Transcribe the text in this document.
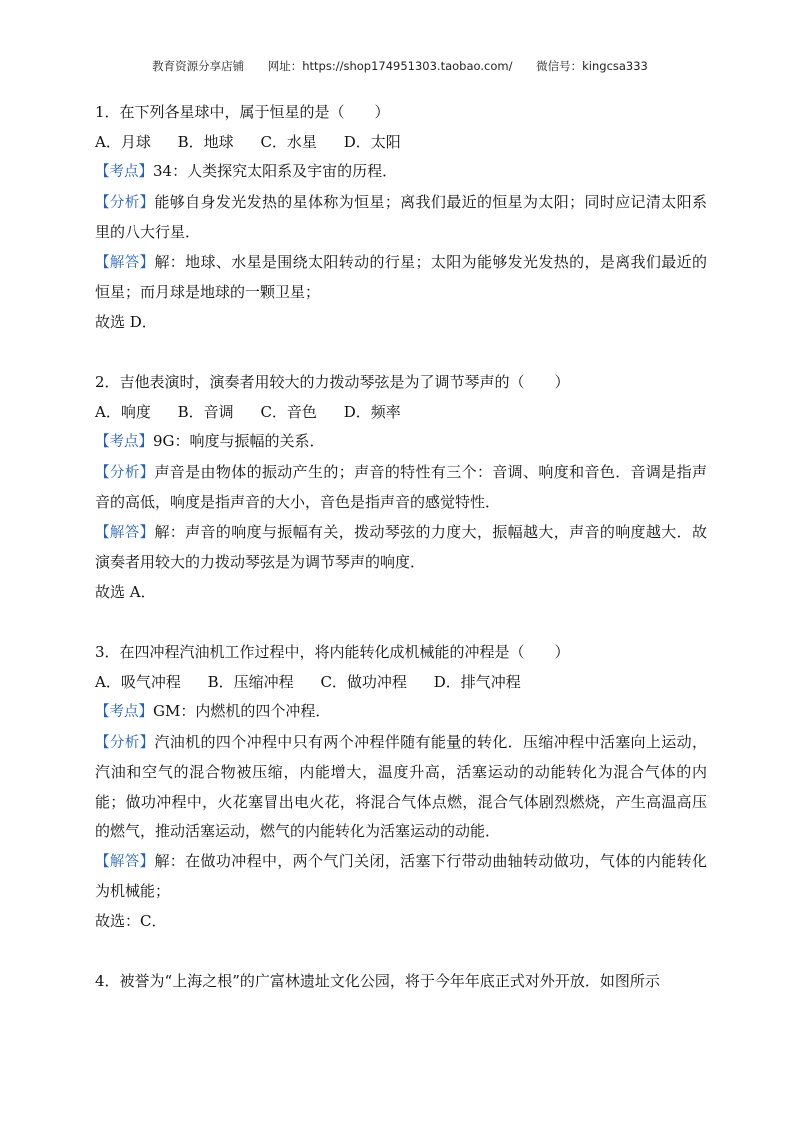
教育资源分享店铺 网址：https://shop174951303.taobao.com/ 微信号：kingcsa333
1．在下列各星球中，属于恒星的是（　　）
A．月球 B．地球 C．水星 D．太阳
【考点】34：人类探究太阳系及宇宙的历程．
【分析】能够自身发光发热的星体称为恒星；离我们最近的恒星为太阳；同时应记清太阳系里的八大行星．
【解答】解：地球、水星是围绕太阳转动的行星；太阳为能够发光发热的，是离我们最近的恒星；而月球是地球的一颗卫星；
故选 D．
2．吉他表演时，演奏者用较大的力拨动琴弦是为了调节琴声的（　　）
A．响度 B．音调 C．音色 D．频率
【考点】9G：响度与振幅的关系．
【分析】声音是由物体的振动产生的；声音的特性有三个：音调、响度和音色．音调是指声音的高低，响度是指声音的大小，音色是指声音的感觉特性．
【解答】解：声音的响度与振幅有关，拨动琴弦的力度大，振幅越大，声音的响度越大．故演奏者用较大的力拨动琴弦是为调节琴声的响度．
故选 A．
3．在四冲程汽油机工作过程中，将内能转化成机械能的冲程是（　　）
A．吸气冲程 B．压缩冲程 C．做功冲程 D．排气冲程
【考点】GM：内燃机的四个冲程．
【分析】汽油机的四个冲程中只有两个冲程伴随有能量的转化．压缩冲程中活塞向上运动，汽油和空气的混合物被压缩，内能增大，温度升高，活塞运动的动能转化为混合气体的内能；做功冲程中，火花塞冒出电火花，将混合气体点燃，混合气体剧烈燃烧，产生高温高压的燃气，推动活塞运动，燃气的内能转化为活塞运动的动能．
【解答】解：在做功冲程中，两个气门关闭，活塞下行带动曲轴转动做功，气体的内能转化为机械能；
故选：C．
4．被誉为“上海之根”的广富林遗址文化公园，将于今年年底正式对外开放．如图所示
